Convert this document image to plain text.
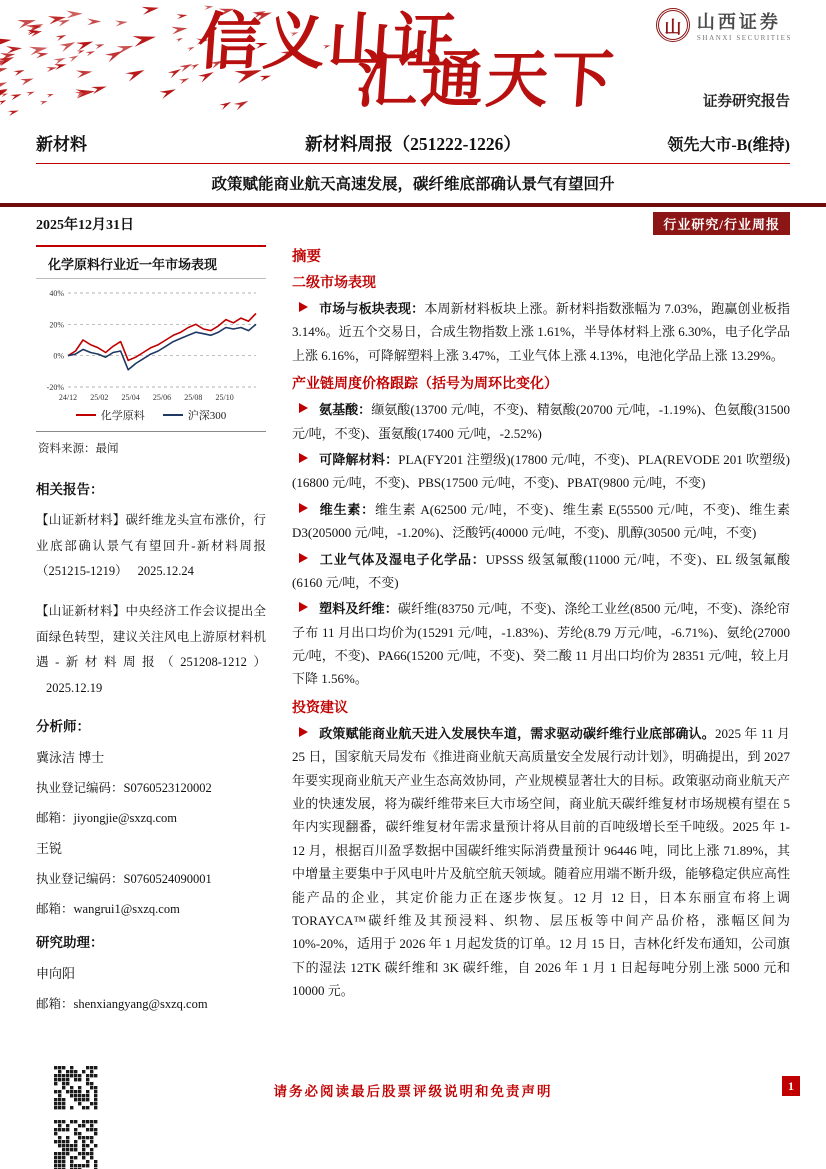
信义山证
汇通天下
山 山西证券
SHANXI SECURITIES
证券研究报告
新材料	新材料周报（251222-1226）	领先大市-B(维持)
政策赋能商业航天高速发展，碳纤维底部确认景气有望回升
2025年12月31日	行业研究/行业周报
化学原料行业近一年市场表现
40%
20%
0%
-20%
24/12 25/02 25/04 25/06 25/08 25/10
化学原料	沪深300
资料来源：最闻
相关报告：

【山证新材料】碳纤维龙头宣布涨价，行业底部确认景气有望回升-新材料周报（251215-1219） 2025.12.24

【山证新材料】中央经济工作会议提出全面绿色转型，建议关注风电上游原材料机遇-新材料周报（251208-1212）2025.12.19

分析师：
冀泳洁 博士
执业登记编码：S0760523120002
邮箱：jiyongjie@sxzq.com
王锐
执业登记编码：S0760524090001
邮箱：wangrui1@sxzq.com
研究助理：
申向阳
邮箱：shenxiangyang@sxzq.com
摘要
二级市场表现

市场与板块表现：本周新材料板块上涨。新材料指数涨幅为 7.03%，跑赢创业板指 3.14%。近五个交易日，合成生物指数上涨 1.61%，半导体材料上涨 6.30%，电子化学品上涨 6.16%，可降解塑料上涨 3.47%，工业气体上涨 4.13%，电池化学品上涨 13.29%。

产业链周度价格跟踪（括号为周环比变化）

氨基酸：缬氨酸(13700 元/吨，不变)、精氨酸(20700 元/吨，-1.19%)、色氨酸(31500 元/吨，不变)、蛋氨酸(17400 元/吨，-2.52%)

可降解材料：PLA(FY201 注塑级)(17800 元/吨，不变)、PLA(REVODE 201 吹塑级)(16800 元/吨，不变)、PBS(17500 元/吨，不变)、PBAT(9800 元/吨，不变)

维生素：维生素 A(62500 元/吨，不变)、维生素 E(55500 元/吨，不变)、维生素 D3(205000 元/吨，-1.20%)、泛酸钙(40000 元/吨，不变)、肌醇(30500 元/吨，不变)

工业气体及湿电子化学品：UPSSS 级氢氟酸(11000 元/吨，不变)、EL 级氢氟酸(6160 元/吨，不变)

塑料及纤维：碳纤维(83750 元/吨，不变)、涤纶工业丝(8500 元/吨，不变)、涤纶帘子布 11 月出口均价为(15291 元/吨，-1.83%)、芳纶(8.79 万元/吨，-6.71%)、氨纶(27000 元/吨，不变)、PA66(15200 元/吨，不变)、癸二酸 11 月出口均价为 28351 元/吨，较上月下降 1.56%。

投资建议

政策赋能商业航天进入发展快车道，需求驱动碳纤维行业底部确认。2025 年 11 月 25 日，国家航天局发布《推进商业航天高质量安全发展行动计划》，明确提出，到 2027 年要实现商业航天产业生态高效协同，产业规模显著壮大的目标。政策驱动商业航天产业的快速发展，将为碳纤维带来巨大市场空间，商业航天碳纤维复材市场规模有望在 5 年内实现翻番，碳纤维复材年需求量预计将从目前的百吨级增长至千吨级。2025 年 1-12 月，根据百川盈孚数据中国碳纤维实际消费量预计 96446 吨，同比上涨 71.89%，其中增量主要集中于风电叶片及航空航天领域。随着应用端不断升级，能够稳定供应高性能产品的企业，其定价能力正在逐步恢复。12 月 12 日，日本东丽宣布将上调 TORAYCA™碳纤维及其预浸料、织物、层压板等中间产品价格，涨幅区间为 10%-20%，适用于 2026 年 1 月起发货的订单。12 月 15 日，吉林化纤发布通知，公司旗下的湿法 12TK 碳纤维和 3K 碳纤维，自 2026 年 1 月 1 日起每吨分别上涨 5000 元和 10000 元。

请务必阅读最后股票评级说明和免责声明	1
